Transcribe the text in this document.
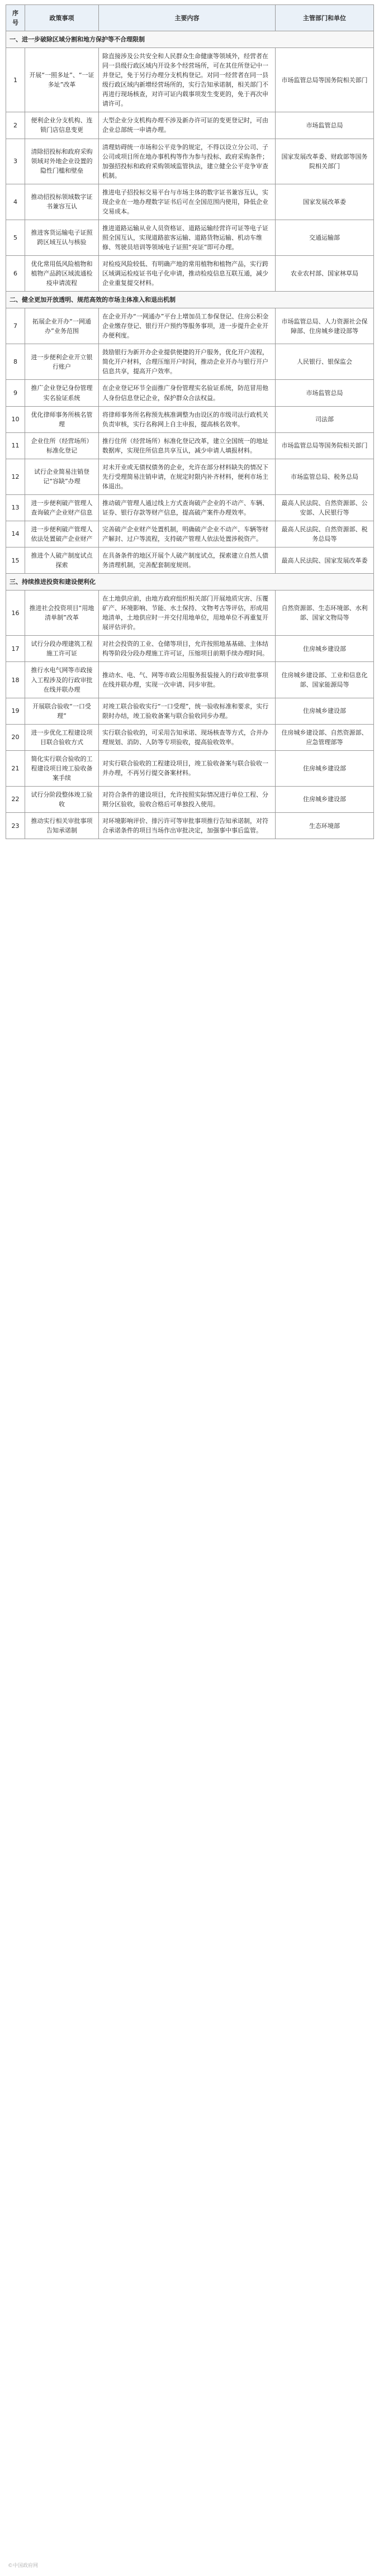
序号	政策事项	主要内容	主管部门和单位
一、进一步破除区域分割和地方保护等不合理限制			
1	开展“一照多址”、“一证多址”改革	除直接涉及公共安全和人民群众生命健康等领域外，经营者在同一县级行政区域内开设多个经营场所，可在其住所登记中一并登记，免于另行办理分支机构登记。对同一经营者在同一县级行政区域内新增经营场所的，实行告知承诺制，相关部门不再进行现场核查，对许可证内载事项发生变更的，免于再次申请许可。	市场监管总局等国务院相关部门
2	便利企业分支机构、连锁门店信息变更	大型企业分支机构办理不涉及新办许可证的变更登记时，可由企业总部统一申请办理。	市场监管总局
3	清除招投标和政府采购领域对外地企业设置的隐性门槛和壁垒	清理妨碍统一市场和公平竞争的规定，不得以设立分公司、子公司或项目所在地办事机构等作为参与投标、政府采购条件；加强招投标和政府采购领域监管执法，建立健全公平竞争审查机制。	国家发展改革委、财政部等国务院相关部门
4	推动招投标领域数字证书兼容互认	推进电子招投标交易平台与市场主体的数字证书兼容互认，实现企业在一地办理数字证书后可在全国范围内使用，降低企业交易成本。	国家发展改革委
5	推进客货运输电子证照跨区域互认与核验	推进道路运输从业人员资格证、道路运输经营许可证等电子证照全国互认，实现道路旅客运输、道路货物运输、机动车维修、驾驶员培训等领域电子证照“亮证”即可办理。	交通运输部
6	优化常用低风险植物和植物产品跨区域流通检疫申请流程	对检疫风险较低、有明确产地的常用植物和植物产品，实行跨区域调运检疫证书电子化申请，推动检疫信息互联互通，减少企业重复提交材料。	农业农村部、国家林草局
二、健全更加开放透明、规范高效的市场主体准入和退出机制			
7	拓展企业开办“一网通办”业务范围	在企业开办“一网通办”平台上增加员工参保登记、住房公积金企业缴存登记、银行开户预约等服务事项，进一步提升企业开办便利度。	市场监管总局、人力资源社会保障部、住房城乡建设部等
8	进一步便利企业开立银行账户	鼓励银行为新开办企业提供便捷的开户服务，优化开户流程，简化开户材料，合理压缩开户时间，推动企业开办与银行开户信息共享，提高开户效率。	人民银行、银保监会
9	推广企业登记身份管理实名验证系统	在企业登记环节全面推广身份管理实名验证系统，防范冒用他人身份信息登记企业，保护群众合法权益。	市场监管总局
10	优化律师事务所核名管理	将律师事务所名称预先核准调整为由设区的市级司法行政机关负责审核，实行名称网上自主申报，提高核名效率。	司法部
11	企业住所（经营场所）标准化登记	推行住所（经营场所）标准化登记改革，建立全国统一的地址数据库，实现住所信息共享互认，减少申请人填报材料。	市场监管总局等国务院相关部门
12	试行企业简易注销登记“容缺”办理	对未开业或无债权债务的企业，允许在部分材料缺失的情况下先行受理简易注销申请，在规定时限内补齐材料，便利市场主体退出。	市场监管总局、税务总局
13	进一步便利破产管理人查询破产企业财产信息	推动破产管理人通过线上方式查询破产企业的不动产、车辆、证券、银行存款等财产信息，提高破产案件办理效率。	最高人民法院、自然资源部、公安部、人民银行等
14	进一步便利破产管理人依法处置破产企业财产	完善破产企业财产处置机制，明确破产企业不动产、车辆等财产解封、过户等流程，支持破产管理人依法处置涉税资产。	最高人民法院、自然资源部、税务总局等
15	推进个人破产制度试点探索	在具备条件的地区开展个人破产制度试点，探索建立自然人债务清理机制，完善配套制度规则。	最高人民法院、国家发展改革委
三、持续推进投资和建设便利化			
16	推进社会投资项目“用地清单制”改革	在土地供应前，由地方政府组织相关部门开展地质灾害、压覆矿产、环境影响、节能、水土保持、文物考古等评估，形成用地清单，土地供应时一并交付用地单位，用地单位不再重复开展评估评价。	自然资源部、生态环境部、水利部、国家文物局等
17	试行分段办理建筑工程施工许可证	对社会投资的工业、仓储等项目，允许按照地基基础、主体结构等阶段分段办理施工许可证，压缩项目前期手续办理时间。	住房城乡建设部
18	推行水电气网等市政接入工程涉及的行政审批在线并联办理	推动水、电、气、网等市政公用服务报装接入的行政审批事项在线并联办理，实现一次申请、同步审批。	住房城乡建设部、工业和信息化部、国家能源局等
19	开展联合验收“一口受理”	对竣工联合验收实行“一口受理”，统一验收标准和要求，实行限时办结，竣工验收备案与联合验收同步办理。	住房城乡建设部
20	进一步优化工程建设项目联合验收方式	实行联合验收的，可采用告知承诺、现场核查等方式，合并办理规划、消防、人防等专项验收，提高验收效率。	住房城乡建设部、自然资源部、应急管理部等
21	简化实行联合验收的工程建设项目竣工验收备案手续	对实行联合验收的工程建设项目，竣工验收备案与联合验收一并办理，不再另行提交备案材料。	住房城乡建设部
22	试行分阶段整体竣工验收	对符合条件的建设项目，允许按照实际情况进行单位工程、分期分区验收，验收合格后可单独投入使用。	住房城乡建设部
23	推动实行相关审批事项告知承诺制	对环境影响评价、排污许可等审批事项推行告知承诺制，对符合承诺条件的项目当场作出审批决定，加强事中事后监管。	生态环境部
©中国政府网
